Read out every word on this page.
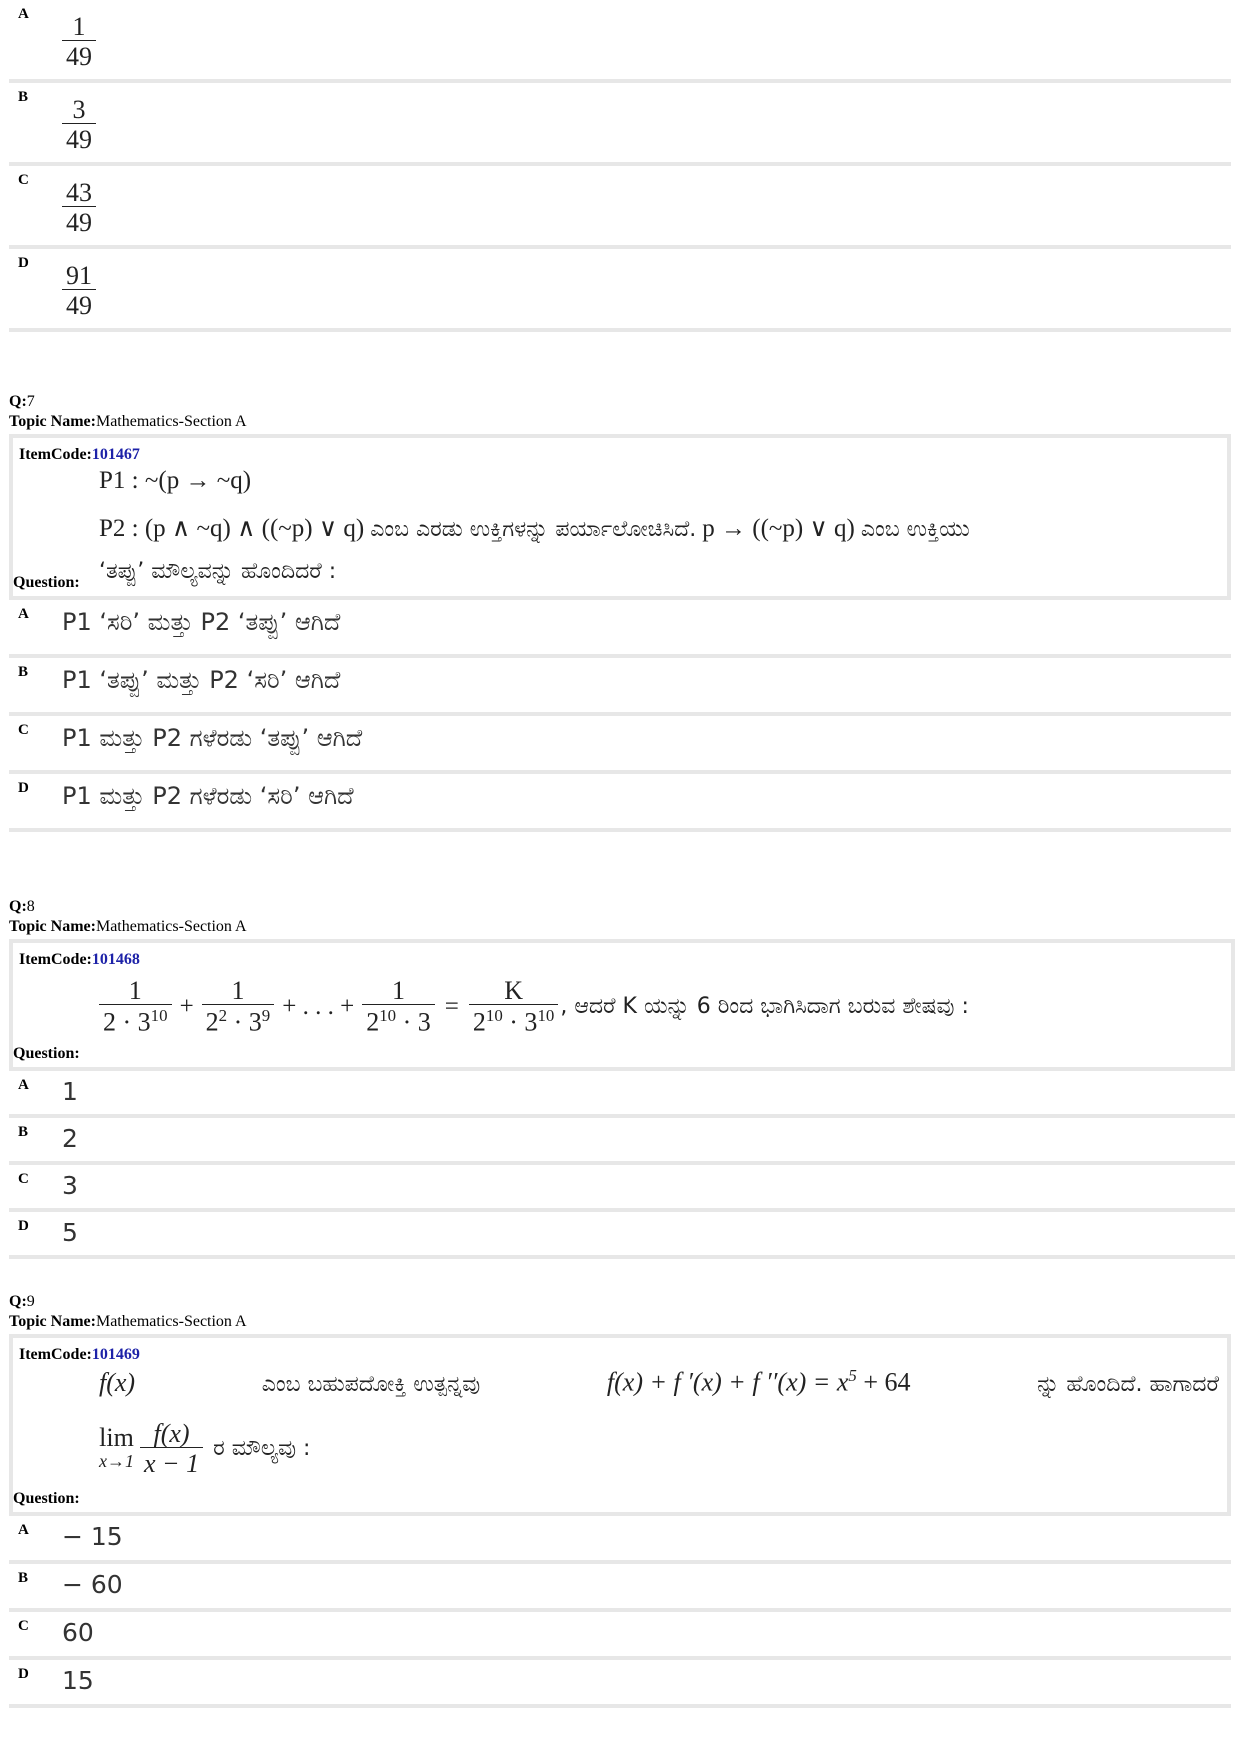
A	$\frac{1}{49}$

B	$\frac{3}{49}$

C	$\frac{43}{49}$

D	$\frac{91}{49}$

Q:7

Topic Name:Mathematics-Section A

ItemCode:101467
P1 : ~(p → ~q)
P2 : (p ∧ ~q) ∧ ((~p) ∨ q) ಎಂಬ ಎರಡು ಉಕ್ತಿಗಳನ್ನು ಪರ್ಯಾಲೋಚಿಸಿದೆ. p → ((~p) ∨ q) ಎಂಬ ಉಕ್ತಿಯು
‘ತಪ್ಪು’ ಮೌಲ್ಯವನ್ನು ಹೊಂದಿದರೆ :
Question:
A	P1 ‘ಸರಿ’ ಮತ್ತು P2 ‘ತಪ್ಪು’ ಆಗಿದೆ
B	P1 ‘ತಪ್ಪು’ ಮತ್ತು P2 ‘ಸರಿ’ ಆಗಿದೆ
C	P1 ಮತ್ತು P2 ಗಳೆರಡು ‘ತಪ್ಪು’ ಆಗಿದೆ
D	P1 ಮತ್ತು P2 ಗಳೆರಡು ‘ಸರಿ’ ಆಗಿದೆ

Q:8

Topic Name:Mathematics-Section A

ItemCode:101468
$\frac{1}{2 \cdot 3^{10}} + \frac{1}{2^2 \cdot 3^9}$ + . . . + $\frac{1}{2^{10} \cdot 3} = \frac{K}{2^{10} \cdot 3^{10}}$ , ಆದರೆ K ಯನ್ನು 6 ರಿಂದ ಭಾಗಿಸಿದಾಗ ಬರುವ ಶೇಷವು :
Question:
A	1
B	2
C	3
D	5

Q:9

Topic Name:Mathematics-Section A

ItemCode:101469
f(x)	ಎಂಬ ಬಹುಪದೋಕ್ತಿ ಉತ್ಪನ್ನವು	f(x) + f ′(x) + f $''(x) = x^5 + 64$	ನ್ನು ಹೊಂದಿದೆ. ಹಾಗಾದರೆ
lim
$x\to 1 \frac{f(x)}{x - 1}$ ರ ಮೌಲ್ಯವು :
Question:
A	− 15
B	− 60
C	60
D	15
